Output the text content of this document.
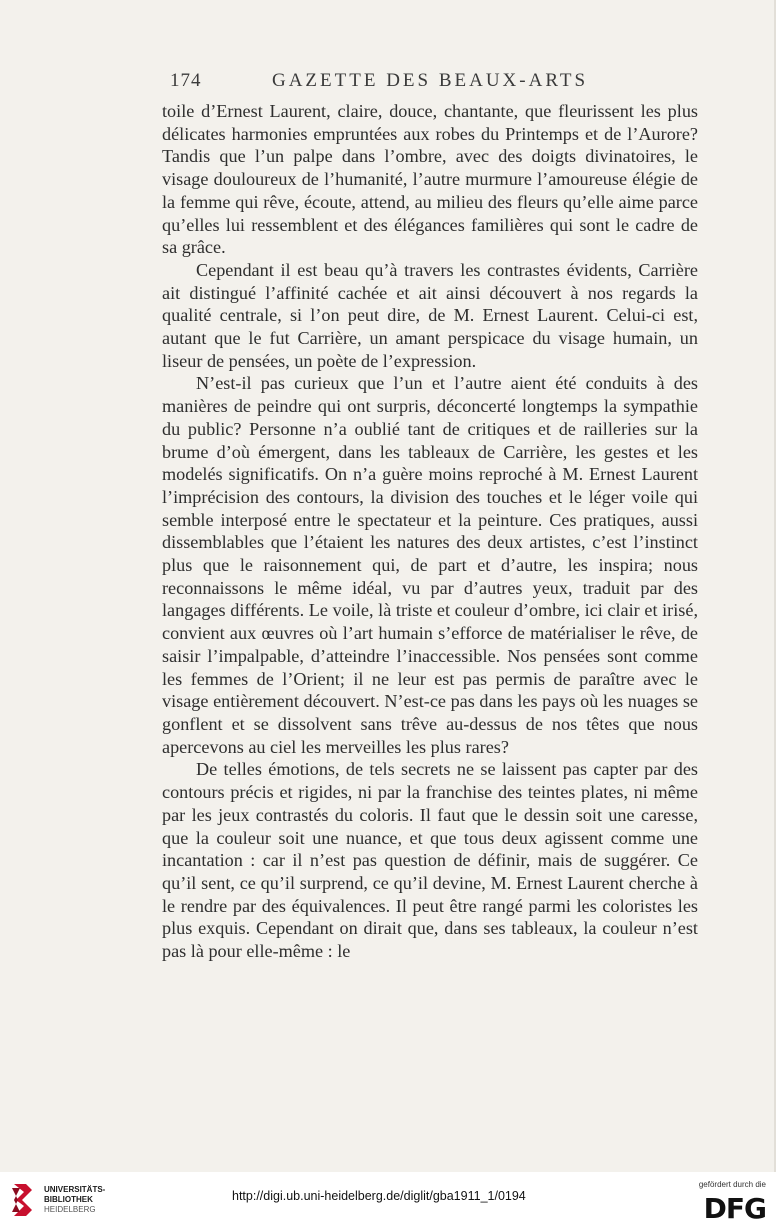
174	GAZETTE DES BEAUX-ARTS

toile d’Ernest Laurent, claire, douce, chantante, que fleurissent les plus délicates harmonies empruntées aux robes du Printemps et de l’Aurore? Tandis que l’un palpe dans l’ombre, avec des doigts divinatoires, le visage douloureux de l’humanité, l’autre murmure l’amoureuse élégie de la femme qui rêve, écoute, attend, au milieu des fleurs qu’elle aime parce qu’elles lui ressemblent et des élégances familières qui sont le cadre de sa grâce.

Cependant il est beau qu’à travers les contrastes évidents, Carrière ait distingué l’affinité cachée et ait ainsi découvert à nos regards la qualité centrale, si l’on peut dire, de M. Ernest Laurent. Celui-ci est, autant que le fut Carrière, un amant perspicace du visage humain, un liseur de pensées, un poète de l’expression.

N’est-il pas curieux que l’un et l’autre aient été conduits à des manières de peindre qui ont surpris, déconcerté longtemps la sympathie du public? Personne n’a oublié tant de critiques et de railleries sur la brume d’où émergent, dans les tableaux de Carrière, les gestes et les modelés significatifs. On n’a guère moins reproché à M. Ernest Laurent l’imprécision des contours, la division des touches et le léger voile qui semble interposé entre le spectateur et la peinture. Ces pratiques, aussi dissemblables que l’étaient les natures des deux artistes, c’est l’instinct plus que le raisonnement qui, de part et d’autre, les inspira; nous reconnaissons le même idéal, vu par d’autres yeux, traduit par des langages différents. Le voile, là triste et couleur d’ombre, ici clair et irisé, convient aux œuvres où l’art humain s’efforce de matérialiser le rêve, de saisir l’impalpable, d’atteindre l’inaccessible. Nos pensées sont comme les femmes de l’Orient; il ne leur est pas permis de paraître avec le visage entièrement découvert. N’est-ce pas dans les pays où les nuages se gonflent et se dissolvent sans trêve au-dessus de nos têtes que nous apercevons au ciel les merveilles les plus rares?

De telles émotions, de tels secrets ne se laissent pas capter par des contours précis et rigides, ni par la franchise des teintes plates, ni même par les jeux contrastés du coloris. Il faut que le dessin soit une caresse, que la couleur soit une nuance, et que tous deux agissent comme une incantation : car il n’est pas question de définir, mais de suggérer. Ce qu’il sent, ce qu’il surprend, ce qu’il devine, M. Ernest Laurent cherche à le rendre par des équivalences. Il peut être rangé parmi les coloristes les plus exquis. Cependant on dirait que, dans ses tableaux, la couleur n’est pas là pour elle-même : le

UNIVERSITÄTS-
BIBLIOTHEK
HEIDELBERG
http://digi.ub.uni-heidelberg.de/diglit/gba1911_1/0194
gefördert durch die
DFG
